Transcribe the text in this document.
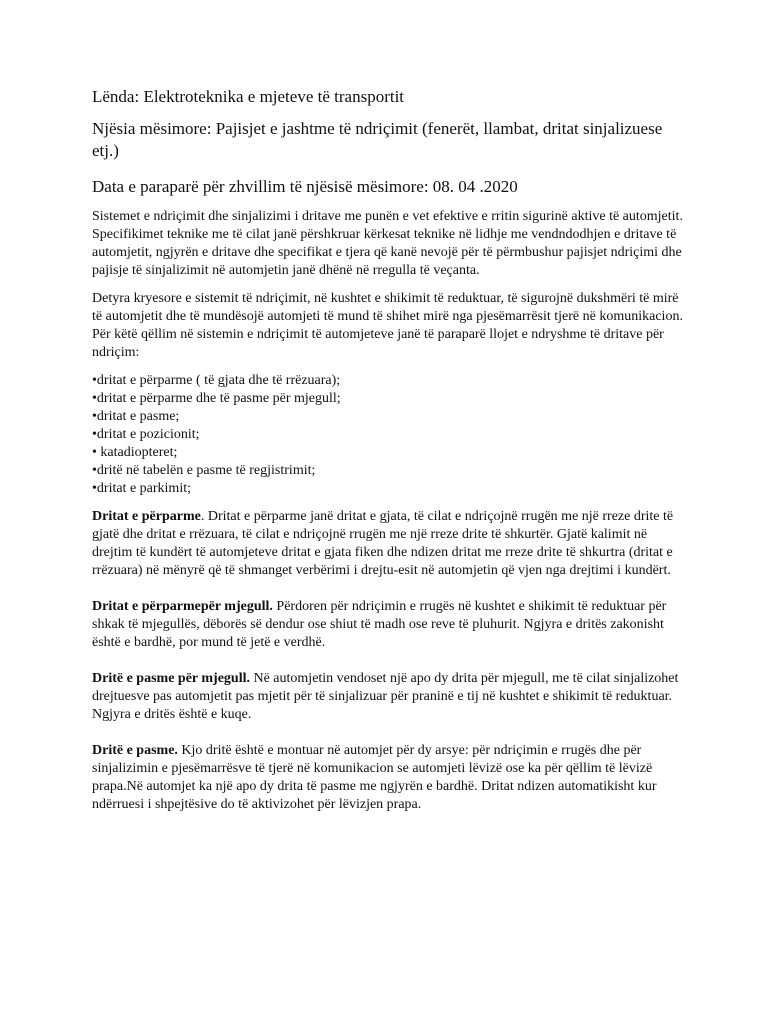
Lënda: Elektroteknika e mjeteve të transportit
Njësia mësimore: Pajisjet e jashtme të ndriçimit (fenerët, llambat, dritat sinjalizuese etj.)
Data e paraparë për zhvillim të njësisë mësimore: 08. 04 .2020

Sistemet e ndriçimit dhe sinjalizimi i dritave me punën e vet efektive e rritin sigurinë aktive të automjetit. Specifikimet teknike me të cilat janë përshkruar kërkesat teknike në lidhje me vendndodhjen e dritave të automjetit, ngjyrën e dritave dhe specifikat e tjera që kanë nevojë për të përmbushur pajisjet ndriçimi dhe pajisje të sinjalizimit në automjetin janë dhënë në rregulla të veçanta.

Detyra kryesore e sistemit të ndriçimit, në kushtet e shikimit të reduktuar, të sigurojnë dukshmëri të mirë të automjetit dhe të mundësojë automjeti të mund të shihet mirë nga pjesëmarrësit tjerë në komunikacion. Për këtë qëllim në sistemin e ndriçimit të automjeteve janë të paraparë llojet e ndryshme të dritave për ndriçim:

•dritat e përparme ( të gjata dhe të rrëzuara);
•dritat e përparme dhe të pasme për mjegull;
•dritat e pasme;
•dritat e pozicionit;
• katadiopteret;
•dritë në tabelën e pasme të regjistrimit;
•dritat e parkimit;

Dritat e përparme. Dritat e përparme janë dritat e gjata, të cilat e ndriçojnë rrugën me një rreze drite të gjatë dhe dritat e rrëzuara, të cilat e ndriçojnë rrugën me një rreze drite të shkurtër. Gjatë kalimit në drejtim të kundërt të automjeteve dritat e gjata fiken dhe ndizen dritat me rreze drite të shkurtra (dritat e rrëzuara) në mënyrë që të shmanget verbërimi i drejtu-esit në automjetin që vjen nga drejtimi i kundërt.

Dritat e përparmepër mjegull. Përdoren për ndriçimin e rrugës në kushtet e shikimit të reduktuar për shkak të mjegullës, dëborës së dendur ose shiut të madh ose reve të pluhurit. Ngjyra e dritës zakonisht është e bardhë, por mund të jetë e verdhë.

Dritë e pasme për mjegull. Në automjetin vendoset një apo dy drita për mjegull, me të cilat sinjalizohet drejtuesve pas automjetit pas mjetit për të sinjalizuar për praninë e tij në kushtet e shikimit të reduktuar. Ngjyra e dritës është e kuqe.

Dritë e pasme. Kjo dritë është e montuar në automjet për dy arsye: për ndriçimin e rrugës dhe për sinjalizimin e pjesëmarrësve të tjerë në komunikacion se automjeti lëvizë ose ka për qëllim të lëvizë prapa.Në automjet ka një apo dy drita të pasme me ngjyrën e bardhë. Dritat ndizen automatikisht kur ndërruesi i shpejtësive do të aktivizohet për lëvizjen prapa.
